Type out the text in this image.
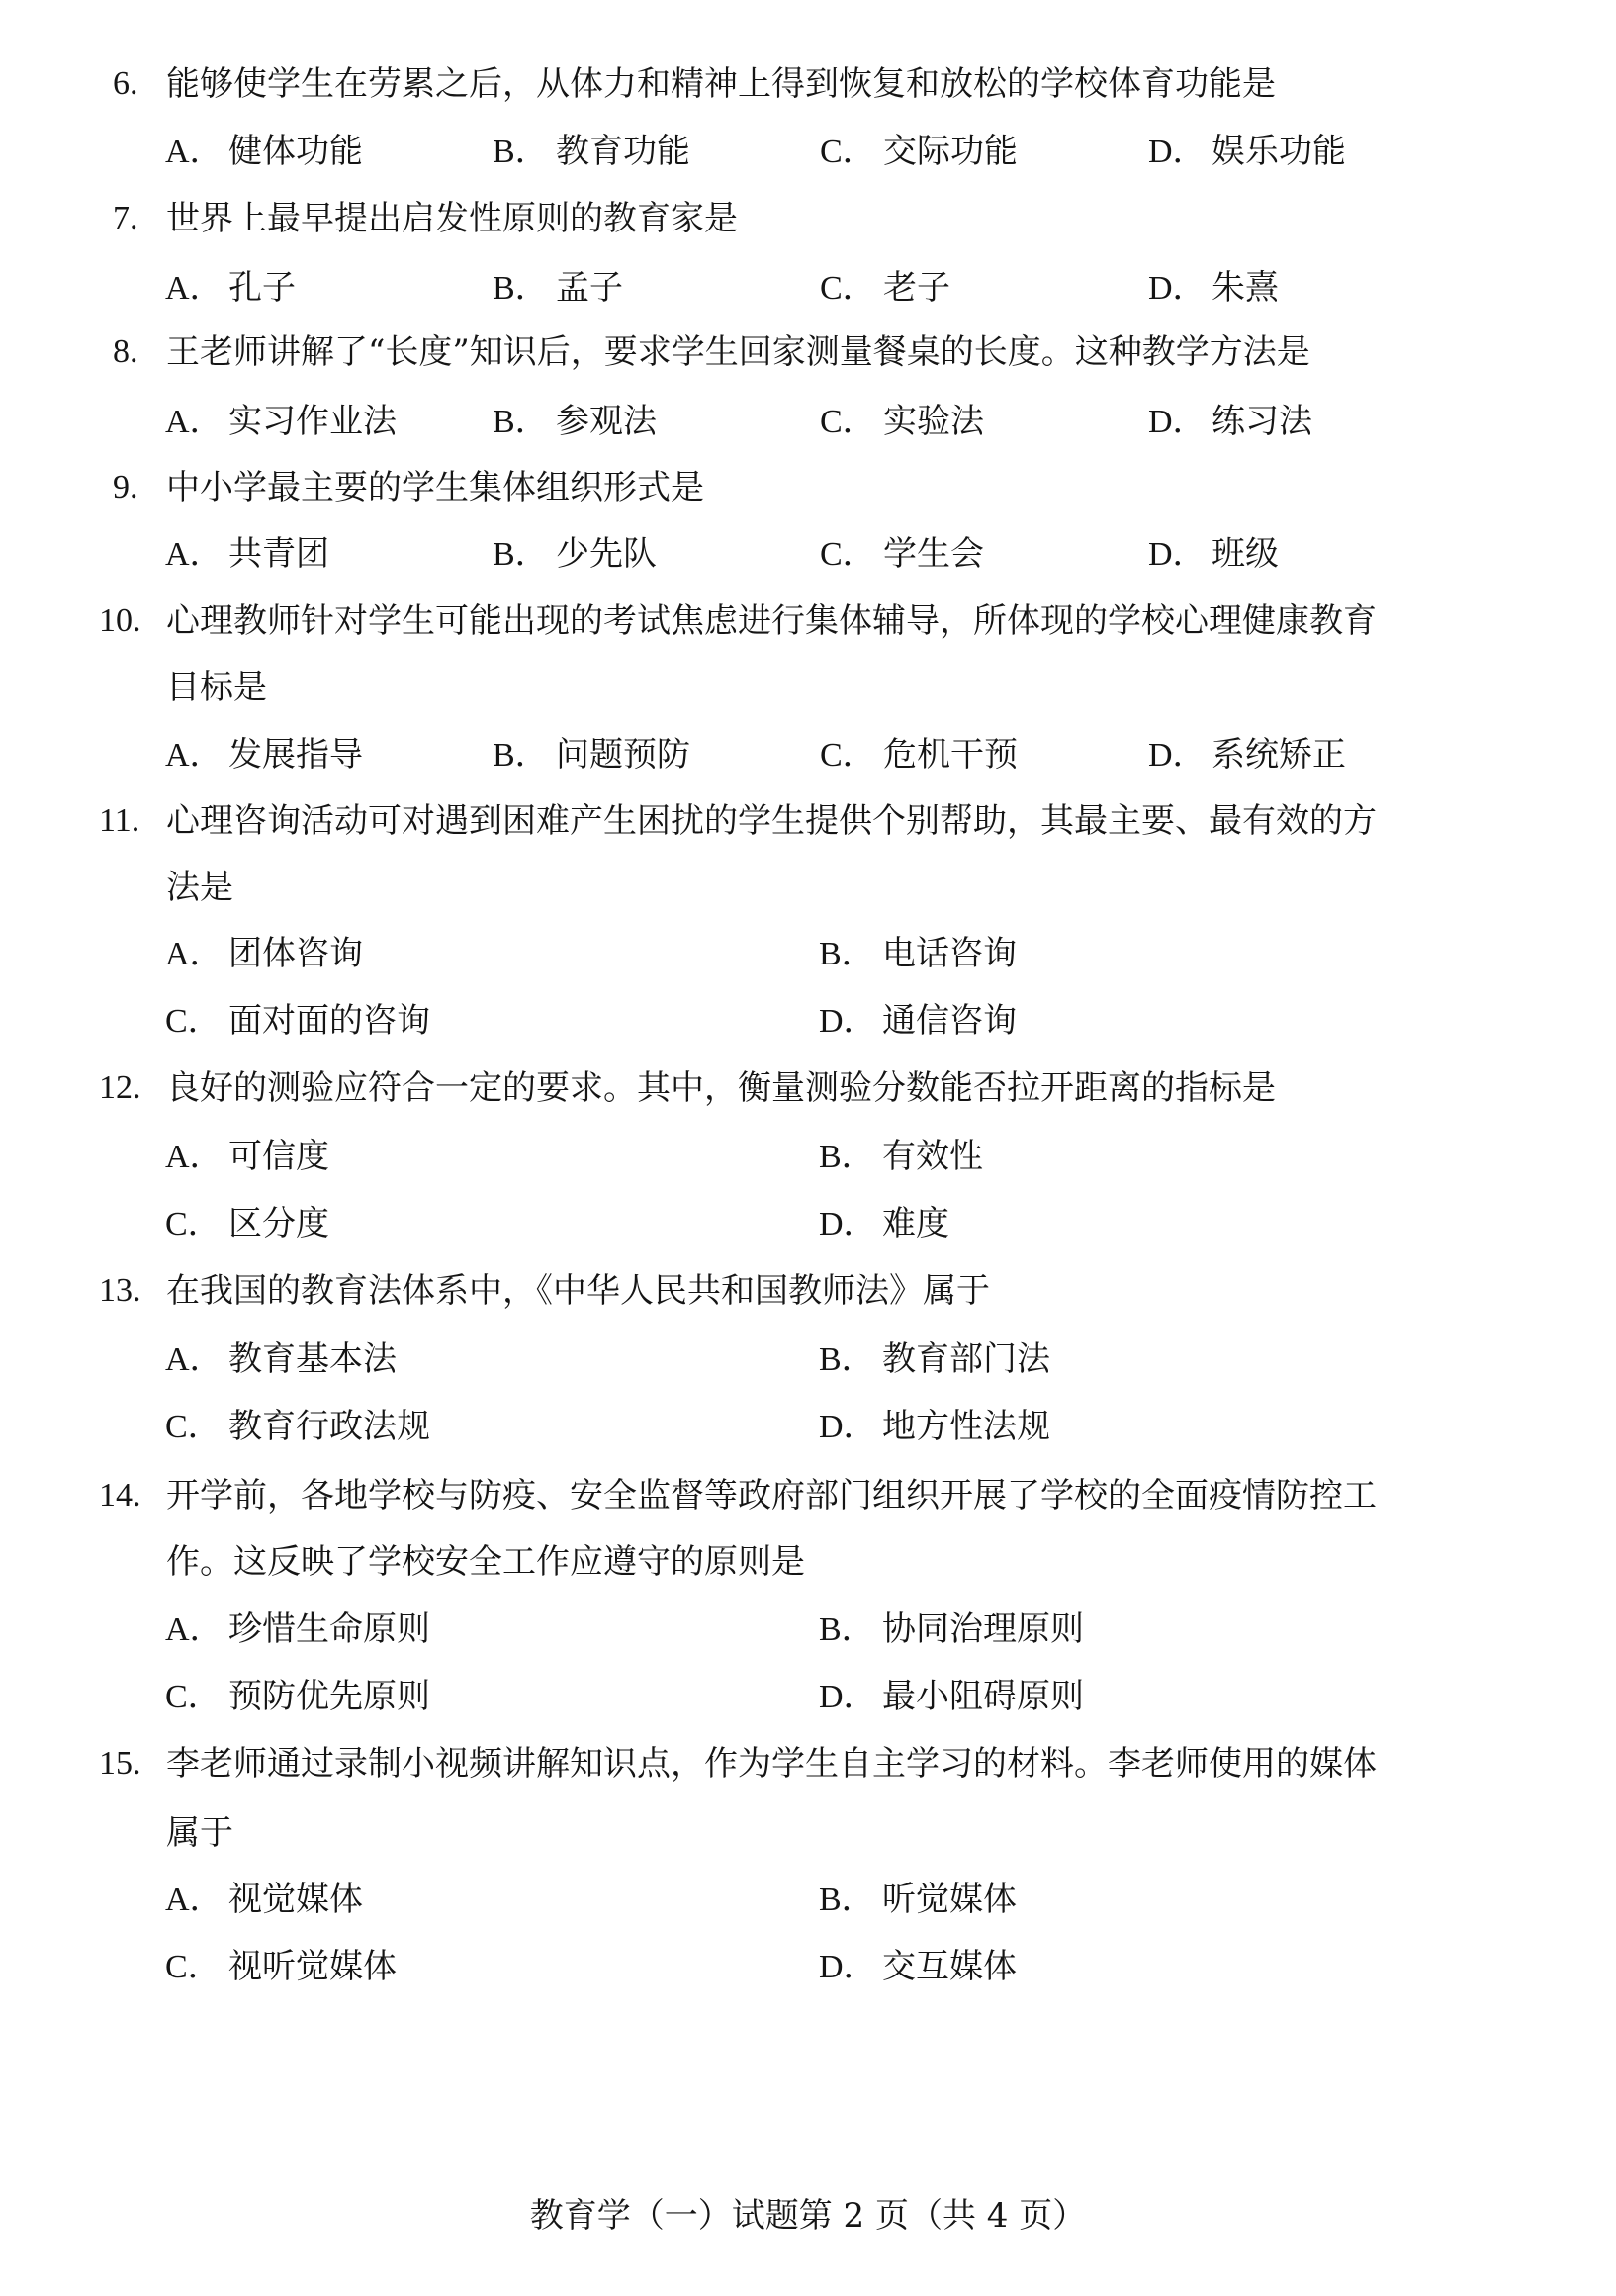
6. 能够使学生在劳累之后，从体力和精神上得到恢复和放松的学校体育功能是
A． 健体功能	B． 教育功能	C． 交际功能	D． 娱乐功能
7. 世界上最早提出启发性原则的教育家是
A． 孔子	B． 孟子	C． 老子	D． 朱熹
8. 王老师讲解了“长度”知识后，要求学生回家测量餐桌的长度。这种教学方法是
A． 实习作业法	B． 参观法	C． 实验法	D． 练习法
9. 中小学最主要的学生集体组织形式是
A． 共青团	B． 少先队	C． 学生会	D． 班级
10. 心理教师针对学生可能出现的考试焦虑进行集体辅导，所体现的学校心理健康教育
目标是
A． 发展指导	B． 问题预防	C． 危机干预	D． 系统矫正
11. 心理咨询活动可对遇到困难产生困扰的学生提供个别帮助，其最主要、最有效的方
法是
A． 团体咨询	B． 电话咨询
C． 面对面的咨询	D． 通信咨询
12. 良好的测验应符合一定的要求。其中，衡量测验分数能否拉开距离的指标是
A． 可信度	B． 有效性
C． 区分度	D． 难度
13. 在我国的教育法体系中，《中华人民共和国教师法》属于
A． 教育基本法	B． 教育部门法
C． 教育行政法规	D． 地方性法规
14. 开学前，各地学校与防疫、安全监督等政府部门组织开展了学校的全面疫情防控工
作。这反映了学校安全工作应遵守的原则是
A． 珍惜生命原则	B． 协同治理原则
C． 预防优先原则	D． 最小阻碍原则
15. 李老师通过录制小视频讲解知识点，作为学生自主学习的材料。李老师使用的媒体
属于
A． 视觉媒体	B． 听觉媒体
C． 视听觉媒体	D． 交互媒体
教育学（一）试题第 2 页（共 4 页）
